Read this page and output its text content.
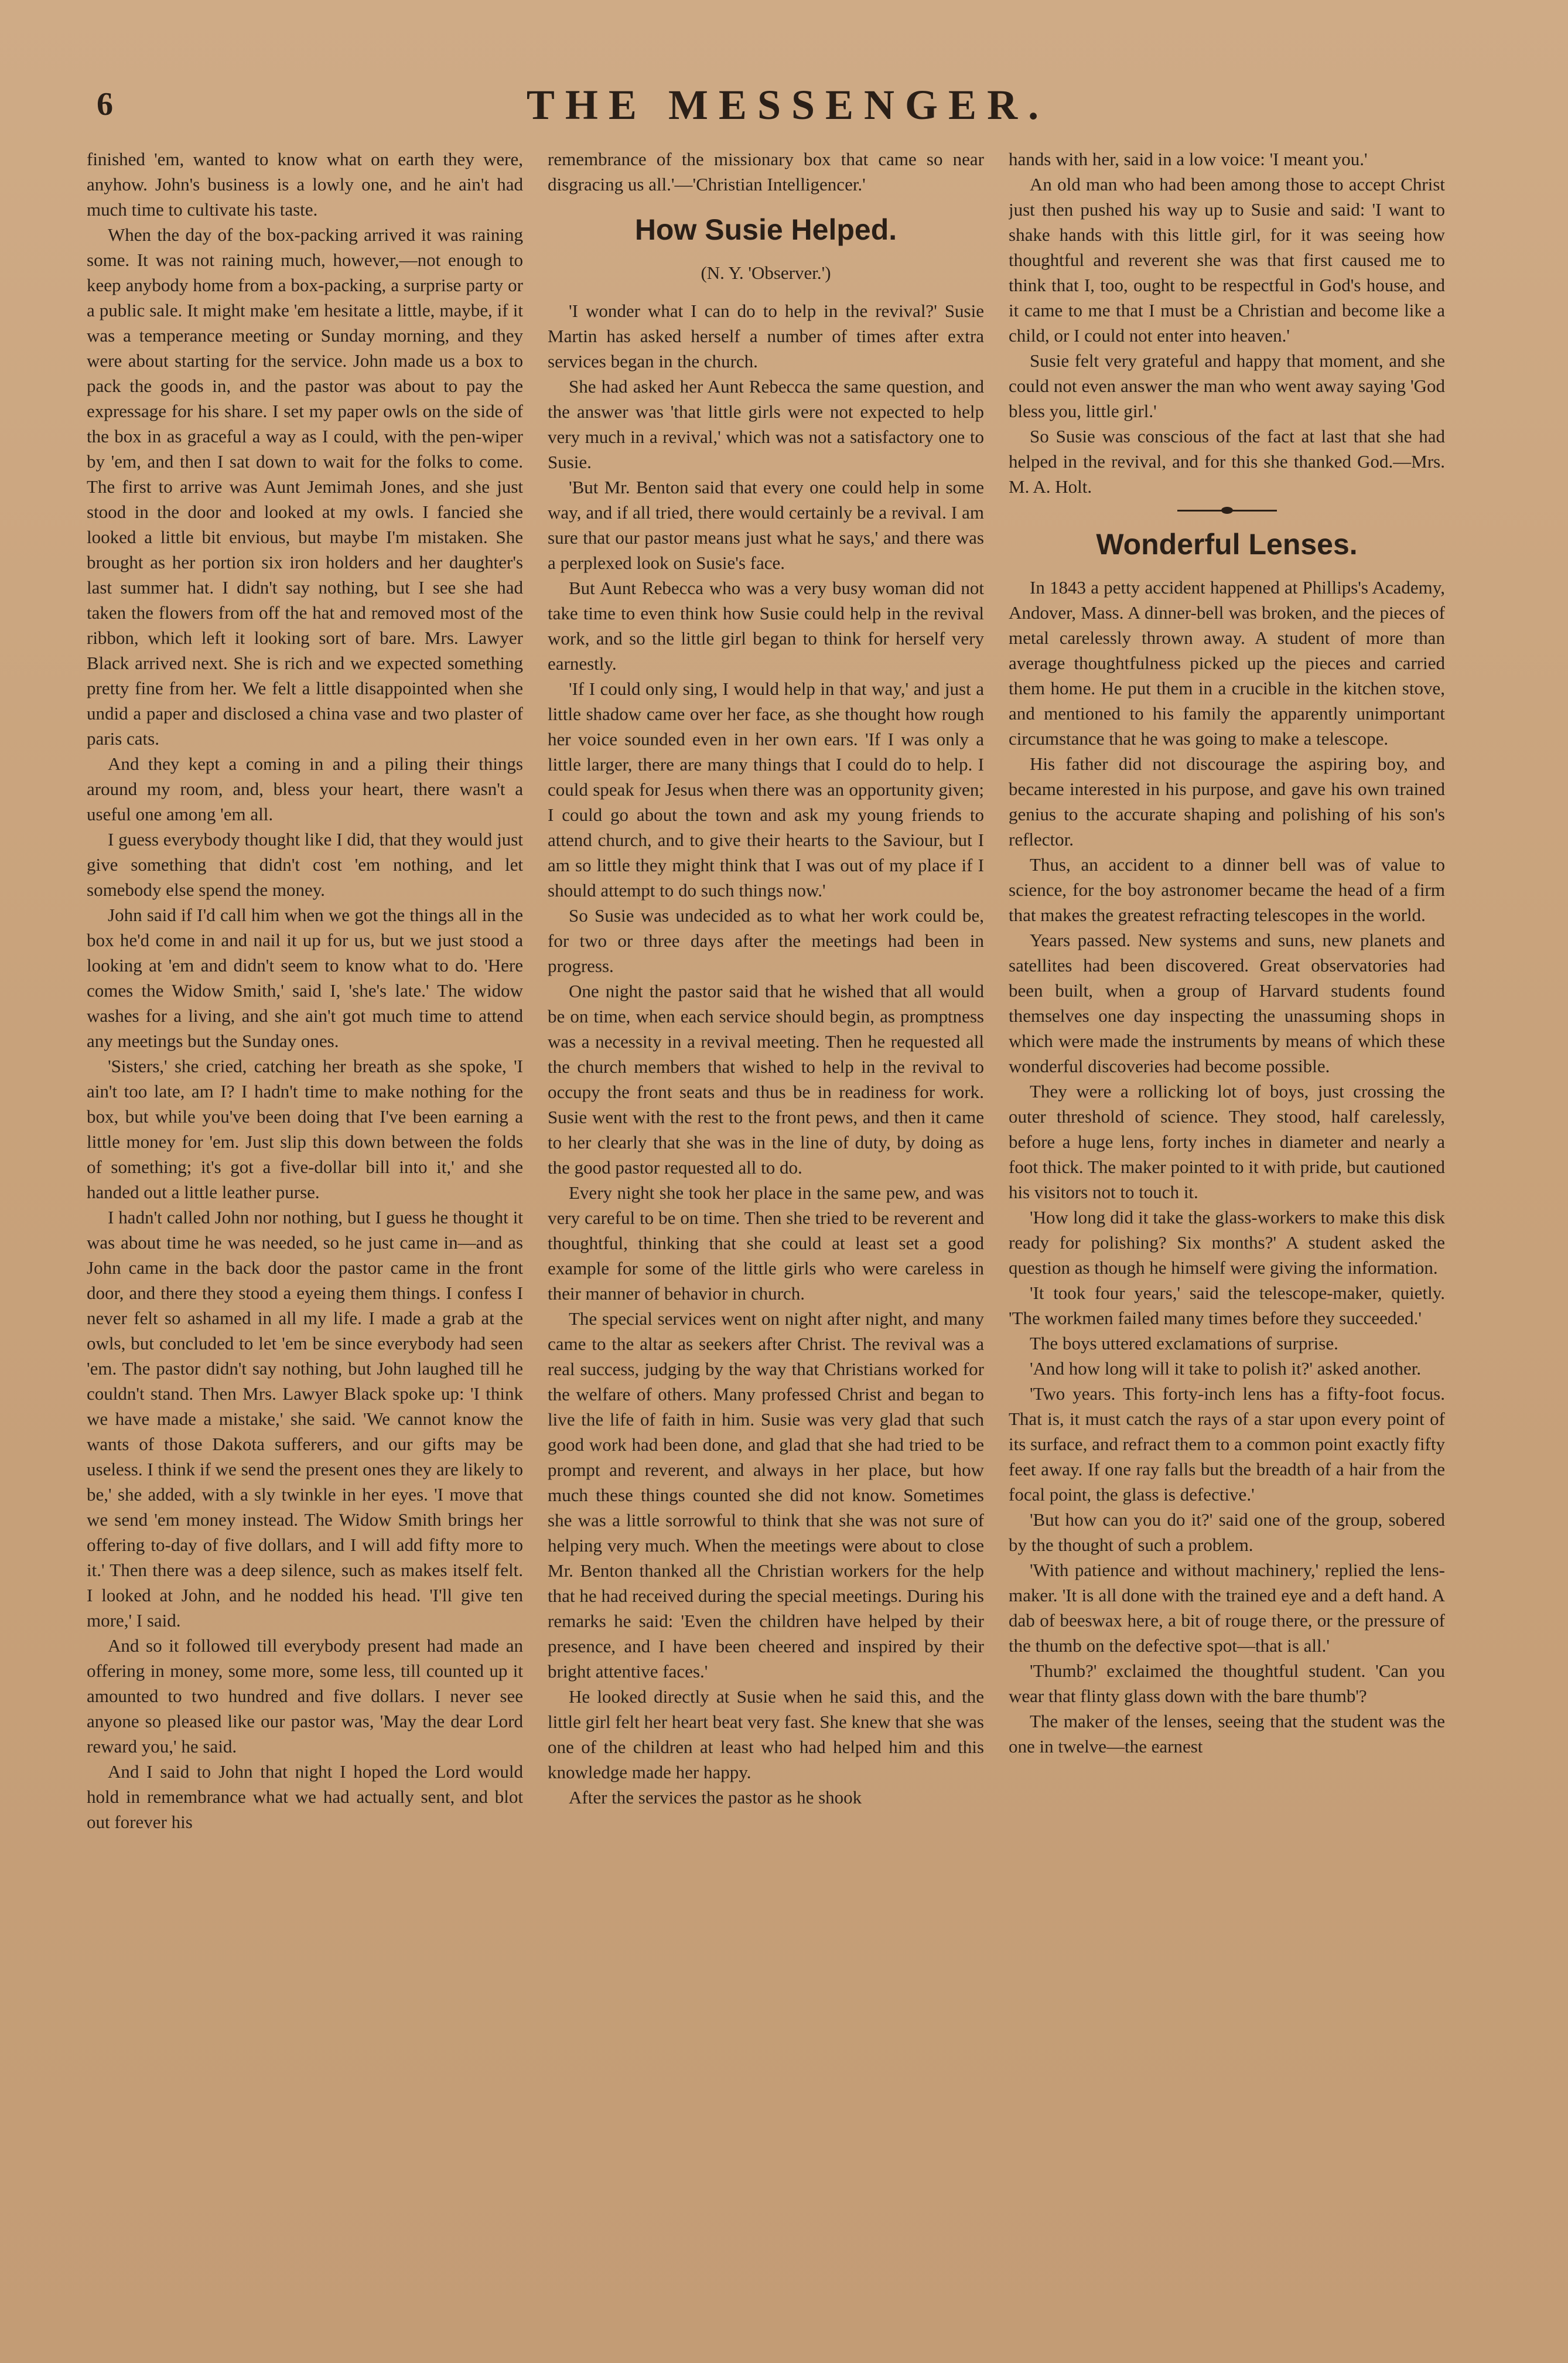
6	THE MESSENGER.

finished 'em, wanted to know what on earth they were, anyhow. John's business is a lowly one, and he ain't had much time to cultivate his taste.

When the day of the box-packing arrived it was raining some. It was not raining much, however,—not enough to keep anybody home from a box-packing, a surprise party or a public sale. It might make 'em hesitate a little, maybe, if it was a temperance meeting or Sunday morning, and they were about starting for the service. John made us a box to pack the goods in, and the pastor was about to pay the expressage for his share. I set my paper owls on the side of the box in as graceful a way as I could, with the pen-wiper by 'em, and then I sat down to wait for the folks to come. The first to arrive was Aunt Jemimah Jones, and she just stood in the door and looked at my owls. I fancied she looked a little bit envious, but maybe I'm mistaken. She brought as her portion six iron holders and her daughter's last summer hat. I didn't say nothing, but I see she had taken the flowers from off the hat and removed most of the ribbon, which left it looking sort of bare. Mrs. Lawyer Black arrived next. She is rich and we expected something pretty fine from her. We felt a little disappointed when she undid a paper and disclosed a china vase and two plaster of paris cats.

And they kept a coming in and a piling their things around my room, and, bless your heart, there wasn't a useful one among 'em all.

I guess everybody thought like I did, that they would just give something that didn't cost 'em nothing, and let somebody else spend the money.

John said if I'd call him when we got the things all in the box he'd come in and nail it up for us, but we just stood a looking at 'em and didn't seem to know what to do. 'Here comes the Widow Smith,' said I, 'she's late.' The widow washes for a living, and she ain't got much time to attend any meetings but the Sunday ones.

'Sisters,' she cried, catching her breath as she spoke, 'I ain't too late, am I? I hadn't time to make nothing for the box, but while you've been doing that I've been earning a little money for 'em. Just slip this down between the folds of something; it's got a five-dollar bill into it,' and she handed out a little leather purse.

I hadn't called John nor nothing, but I guess he thought it was about time he was needed, so he just came in—and as John came in the back door the pastor came in the front door, and there they stood a eyeing them things. I confess I never felt so ashamed in all my life. I made a grab at the owls, but concluded to let 'em be since everybody had seen 'em. The pastor didn't say nothing, but John laughed till he couldn't stand. Then Mrs. Lawyer Black spoke up: 'I think we have made a mistake,' she said. 'We cannot know the wants of those Dakota sufferers, and our gifts may be useless. I think if we send the present ones they are likely to be,' she added, with a sly twinkle in her eyes. 'I move that we send 'em money instead. The Widow Smith brings her offering to-day of five dollars, and I will add fifty more to it.' Then there was a deep silence, such as makes itself felt. I looked at John, and he nodded his head. 'I'll give ten more,' I said.

And so it followed till everybody present had made an offering in money, some more, some less, till counted up it amounted to two hundred and five dollars. I never see anyone so pleased like our pastor was, 'May the dear Lord reward you,' he said.

And I said to John that night I hoped the Lord would hold in remembrance what we had actually sent, and blot out forever his

remembrance of the missionary box that came so near disgracing us all.'—'Christian Intelligencer.'

How Susie Helped.
(N. Y. 'Observer.')

'I wonder what I can do to help in the revival?' Susie Martin has asked herself a number of times after extra services began in the church.

She had asked her Aunt Rebecca the same question, and the answer was 'that little girls were not expected to help very much in a revival,' which was not a satisfactory one to Susie.

'But Mr. Benton said that every one could help in some way, and if all tried, there would certainly be a revival. I am sure that our pastor means just what he says,' and there was a perplexed look on Susie's face.

But Aunt Rebecca who was a very busy woman did not take time to even think how Susie could help in the revival work, and so the little girl began to think for herself very earnestly.

'If I could only sing, I would help in that way,' and just a little shadow came over her face, as she thought how rough her voice sounded even in her own ears. 'If I was only a little larger, there are many things that I could do to help. I could speak for Jesus when there was an opportunity given; I could go about the town and ask my young friends to attend church, and to give their hearts to the Saviour, but I am so little they might think that I was out of my place if I should attempt to do such things now.'

So Susie was undecided as to what her work could be, for two or three days after the meetings had been in progress.

One night the pastor said that he wished that all would be on time, when each service should begin, as promptness was a necessity in a revival meeting. Then he requested all the church members that wished to help in the revival to occupy the front seats and thus be in readiness for work. Susie went with the rest to the front pews, and then it came to her clearly that she was in the line of duty, by doing as the good pastor requested all to do.

Every night she took her place in the same pew, and was very careful to be on time. Then she tried to be reverent and thoughtful, thinking that she could at least set a good example for some of the little girls who were careless in their manner of behavior in church.

The special services went on night after night, and many came to the altar as seekers after Christ. The revival was a real success, judging by the way that Christians worked for the welfare of others. Many professed Christ and began to live the life of faith in him. Susie was very glad that such good work had been done, and glad that she had tried to be prompt and reverent, and always in her place, but how much these things counted she did not know. Sometimes she was a little sorrowful to think that she was not sure of helping very much. When the meetings were about to close Mr. Benton thanked all the Christian workers for the help that he had received during the special meetings. During his remarks he said: 'Even the children have helped by their presence, and I have been cheered and inspired by their bright attentive faces.'

He looked directly at Susie when he said this, and the little girl felt her heart beat very fast. She knew that she was one of the children at least who had helped him and this knowledge made her happy.

After the services the pastor as he shook

hands with her, said in a low voice: 'I meant you.'

An old man who had been among those to accept Christ just then pushed his way up to Susie and said: 'I want to shake hands with this little girl, for it was seeing how thoughtful and reverent she was that first caused me to think that I, too, ought to be respectful in God's house, and it came to me that I must be a Christian and become like a child, or I could not enter into heaven.'

Susie felt very grateful and happy that moment, and she could not even answer the man who went away saying 'God bless you, little girl.'

So Susie was conscious of the fact at last that she had helped in the revival, and for this she thanked God.—Mrs. M. A. Holt.

Wonderful Lenses.

In 1843 a petty accident happened at Phillips's Academy, Andover, Mass. A dinner-bell was broken, and the pieces of metal carelessly thrown away. A student of more than average thoughtfulness picked up the pieces and carried them home. He put them in a crucible in the kitchen stove, and mentioned to his family the apparently unimportant circumstance that he was going to make a telescope.

His father did not discourage the aspiring boy, and became interested in his purpose, and gave his own trained genius to the accurate shaping and polishing of his son's reflector.

Thus, an accident to a dinner bell was of value to science, for the boy astronomer became the head of a firm that makes the greatest refracting telescopes in the world.

Years passed. New systems and suns, new planets and satellites had been discovered. Great observatories had been built, when a group of Harvard students found themselves one day inspecting the unassuming shops in which were made the instruments by means of which these wonderful discoveries had become possible.

They were a rollicking lot of boys, just crossing the outer threshold of science. They stood, half carelessly, before a huge lens, forty inches in diameter and nearly a foot thick. The maker pointed to it with pride, but cautioned his visitors not to touch it.

'How long did it take the glass-workers to make this disk ready for polishing? Six months?' A student asked the question as though he himself were giving the information.

'It took four years,' said the telescope-maker, quietly. 'The workmen failed many times before they succeeded.'

The boys uttered exclamations of surprise.

'And how long will it take to polish it?' asked another.

'Two years. This forty-inch lens has a fifty-foot focus. That is, it must catch the rays of a star upon every point of its surface, and refract them to a common point exactly fifty feet away. If one ray falls but the breadth of a hair from the focal point, the glass is defective.'

'But how can you do it?' said one of the group, sobered by the thought of such a problem.

'With patience and without machinery,' replied the lens-maker. 'It is all done with the trained eye and a deft hand. A dab of beeswax here, a bit of rouge there, or the pressure of the thumb on the defective spot—that is all.'

'Thumb?' exclaimed the thoughtful student. 'Can you wear that flinty glass down with the bare thumb'?

The maker of the lenses, seeing that the student was the one in twelve—the earnest
